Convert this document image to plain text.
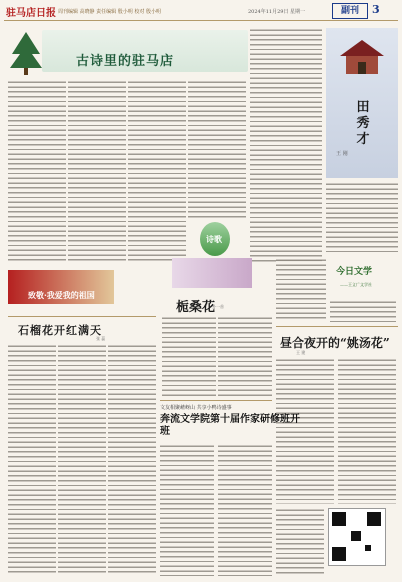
驻马店日报 周刊编辑 高晓静 责任编辑 殷小明 校对 殷小明	2024年11月29日 星期一	副刊	3
古诗里的驻马店
诗歌
田秀才
王 刚
致敬·我爱我的祖国
石榴花开红满天
张 蕊
栀桑花
外一首
今日文学
——王义广文学社
昼合夜开的“姚汤花”
王 建
文友相聚嵖岈山 共享小鸭诗盛事
奔流文学院第十届作家研修班开班
